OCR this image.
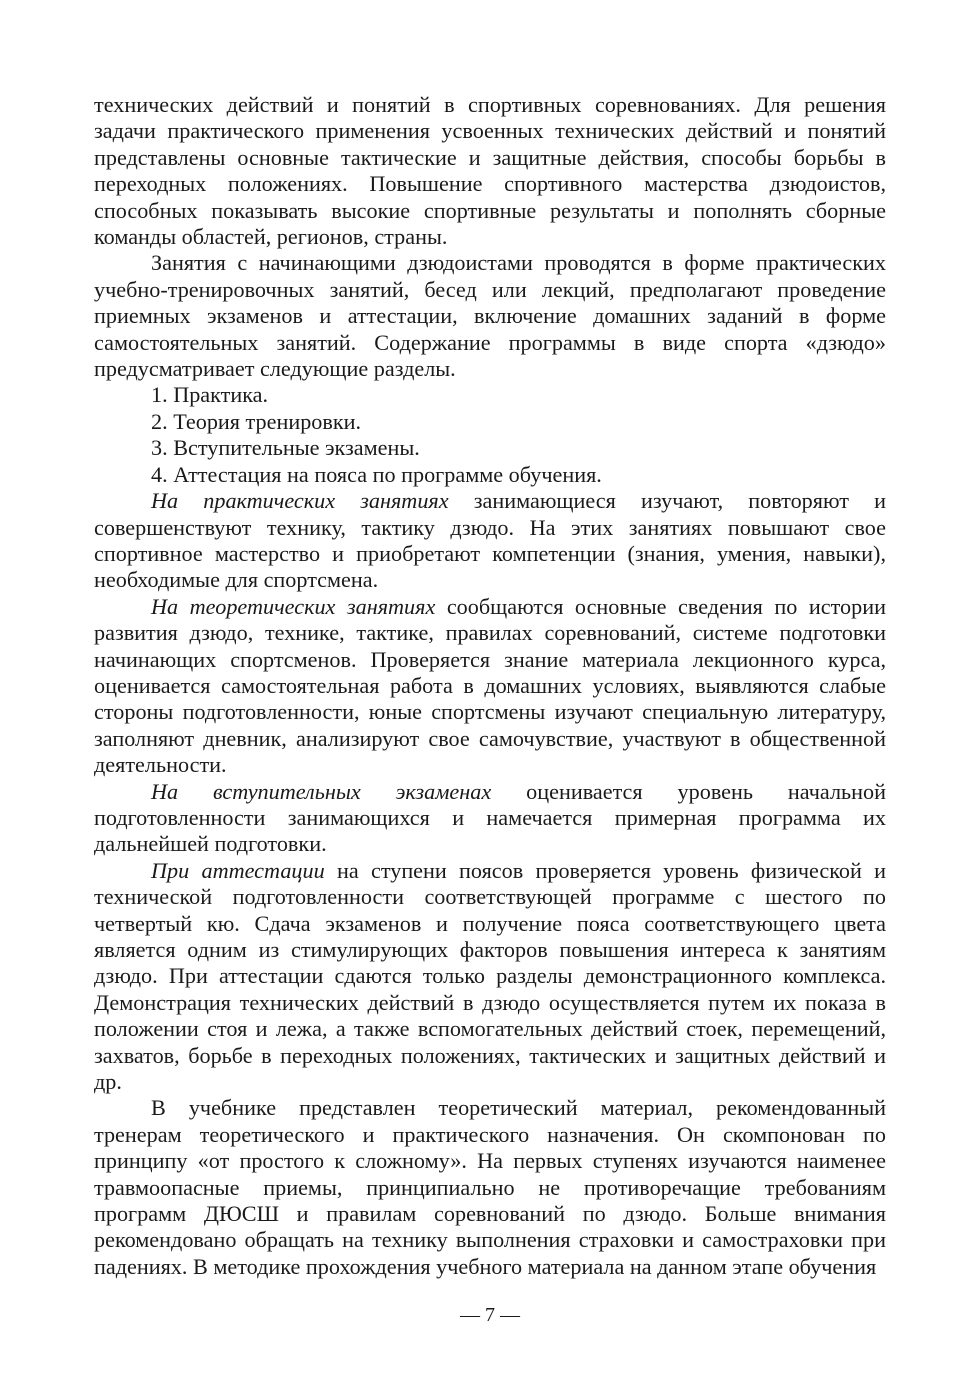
технических действий и понятий в спортивных соревнованиях. Для решения задачи практического применения усвоенных технических действий и понятий представлены основные тактические и защитные действия, способы борьбы в переходных положениях. Повышение спортивного мастерства дзюдоистов, способных показывать высокие спортивные результаты и пополнять сборные команды областей, регионов, страны.

Занятия с начинающими дзюдоистами проводятся в форме практических учебно-тренировочных занятий, бесед или лекций, предполагают проведение приемных экзаменов и аттестации, включение домашних заданий в форме самостоятельных занятий. Содержание программы в виде спорта «дзюдо» предусматривает следующие разделы.

1. Практика.

2. Теория тренировки.

3. Вступительные экзамены.

4. Аттестация на пояса по программе обучения.

На практических занятиях занимающиеся изучают, повторяют и совершенствуют технику, тактику дзюдо. На этих занятиях повышают свое спортивное мастерство и приобретают компетенции (знания, умения, навыки), необходимые для спортсмена.

На теоретических занятиях сообщаются основные сведения по истории развития дзюдо, технике, тактике, правилах соревнований, системе подготовки начинающих спортсменов. Проверяется знание материала лекционного курса, оценивается самостоятельная работа в домашних условиях, выявляются слабые стороны подготовленности, юные спортсмены изучают специальную литературу, заполняют дневник, анализируют свое самочувствие, участвуют в общественной деятельности.

На вступительных экзаменах оценивается уровень начальной подготовленности занимающихся и намечается примерная программа их дальнейшей подготовки.

При аттестации на ступени поясов проверяется уровень физической и технической подготовленности соответствующей программе с шестого по четвертый кю. Сдача экзаменов и получение пояса соответствующего цвета является одним из стимулирующих факторов повышения интереса к занятиям дзюдо. При аттестации сдаются только разделы демонстрационного комплекса. Демонстрация технических действий в дзюдо осуществляется путем их показа в положении стоя и лежа, а также вспомогательных действий стоек, перемещений, захватов, борьбе в переходных положениях, тактических и защитных действий и др.

В учебнике представлен теоретический материал, рекомендованный тренерам теоретического и практического назначения. Он скомпонован по принципу «от простого к сложному». На первых ступенях изучаются наименее травмоопасные приемы, принципиально не противоречащие требованиям программ ДЮСШ и правилам соревнований по дзюдо. Больше внимания рекомендовано обращать на технику выполнения страховки и самостраховки при падениях. В методике прохождения учебного материала на данном этапе обучения

— 7 —
